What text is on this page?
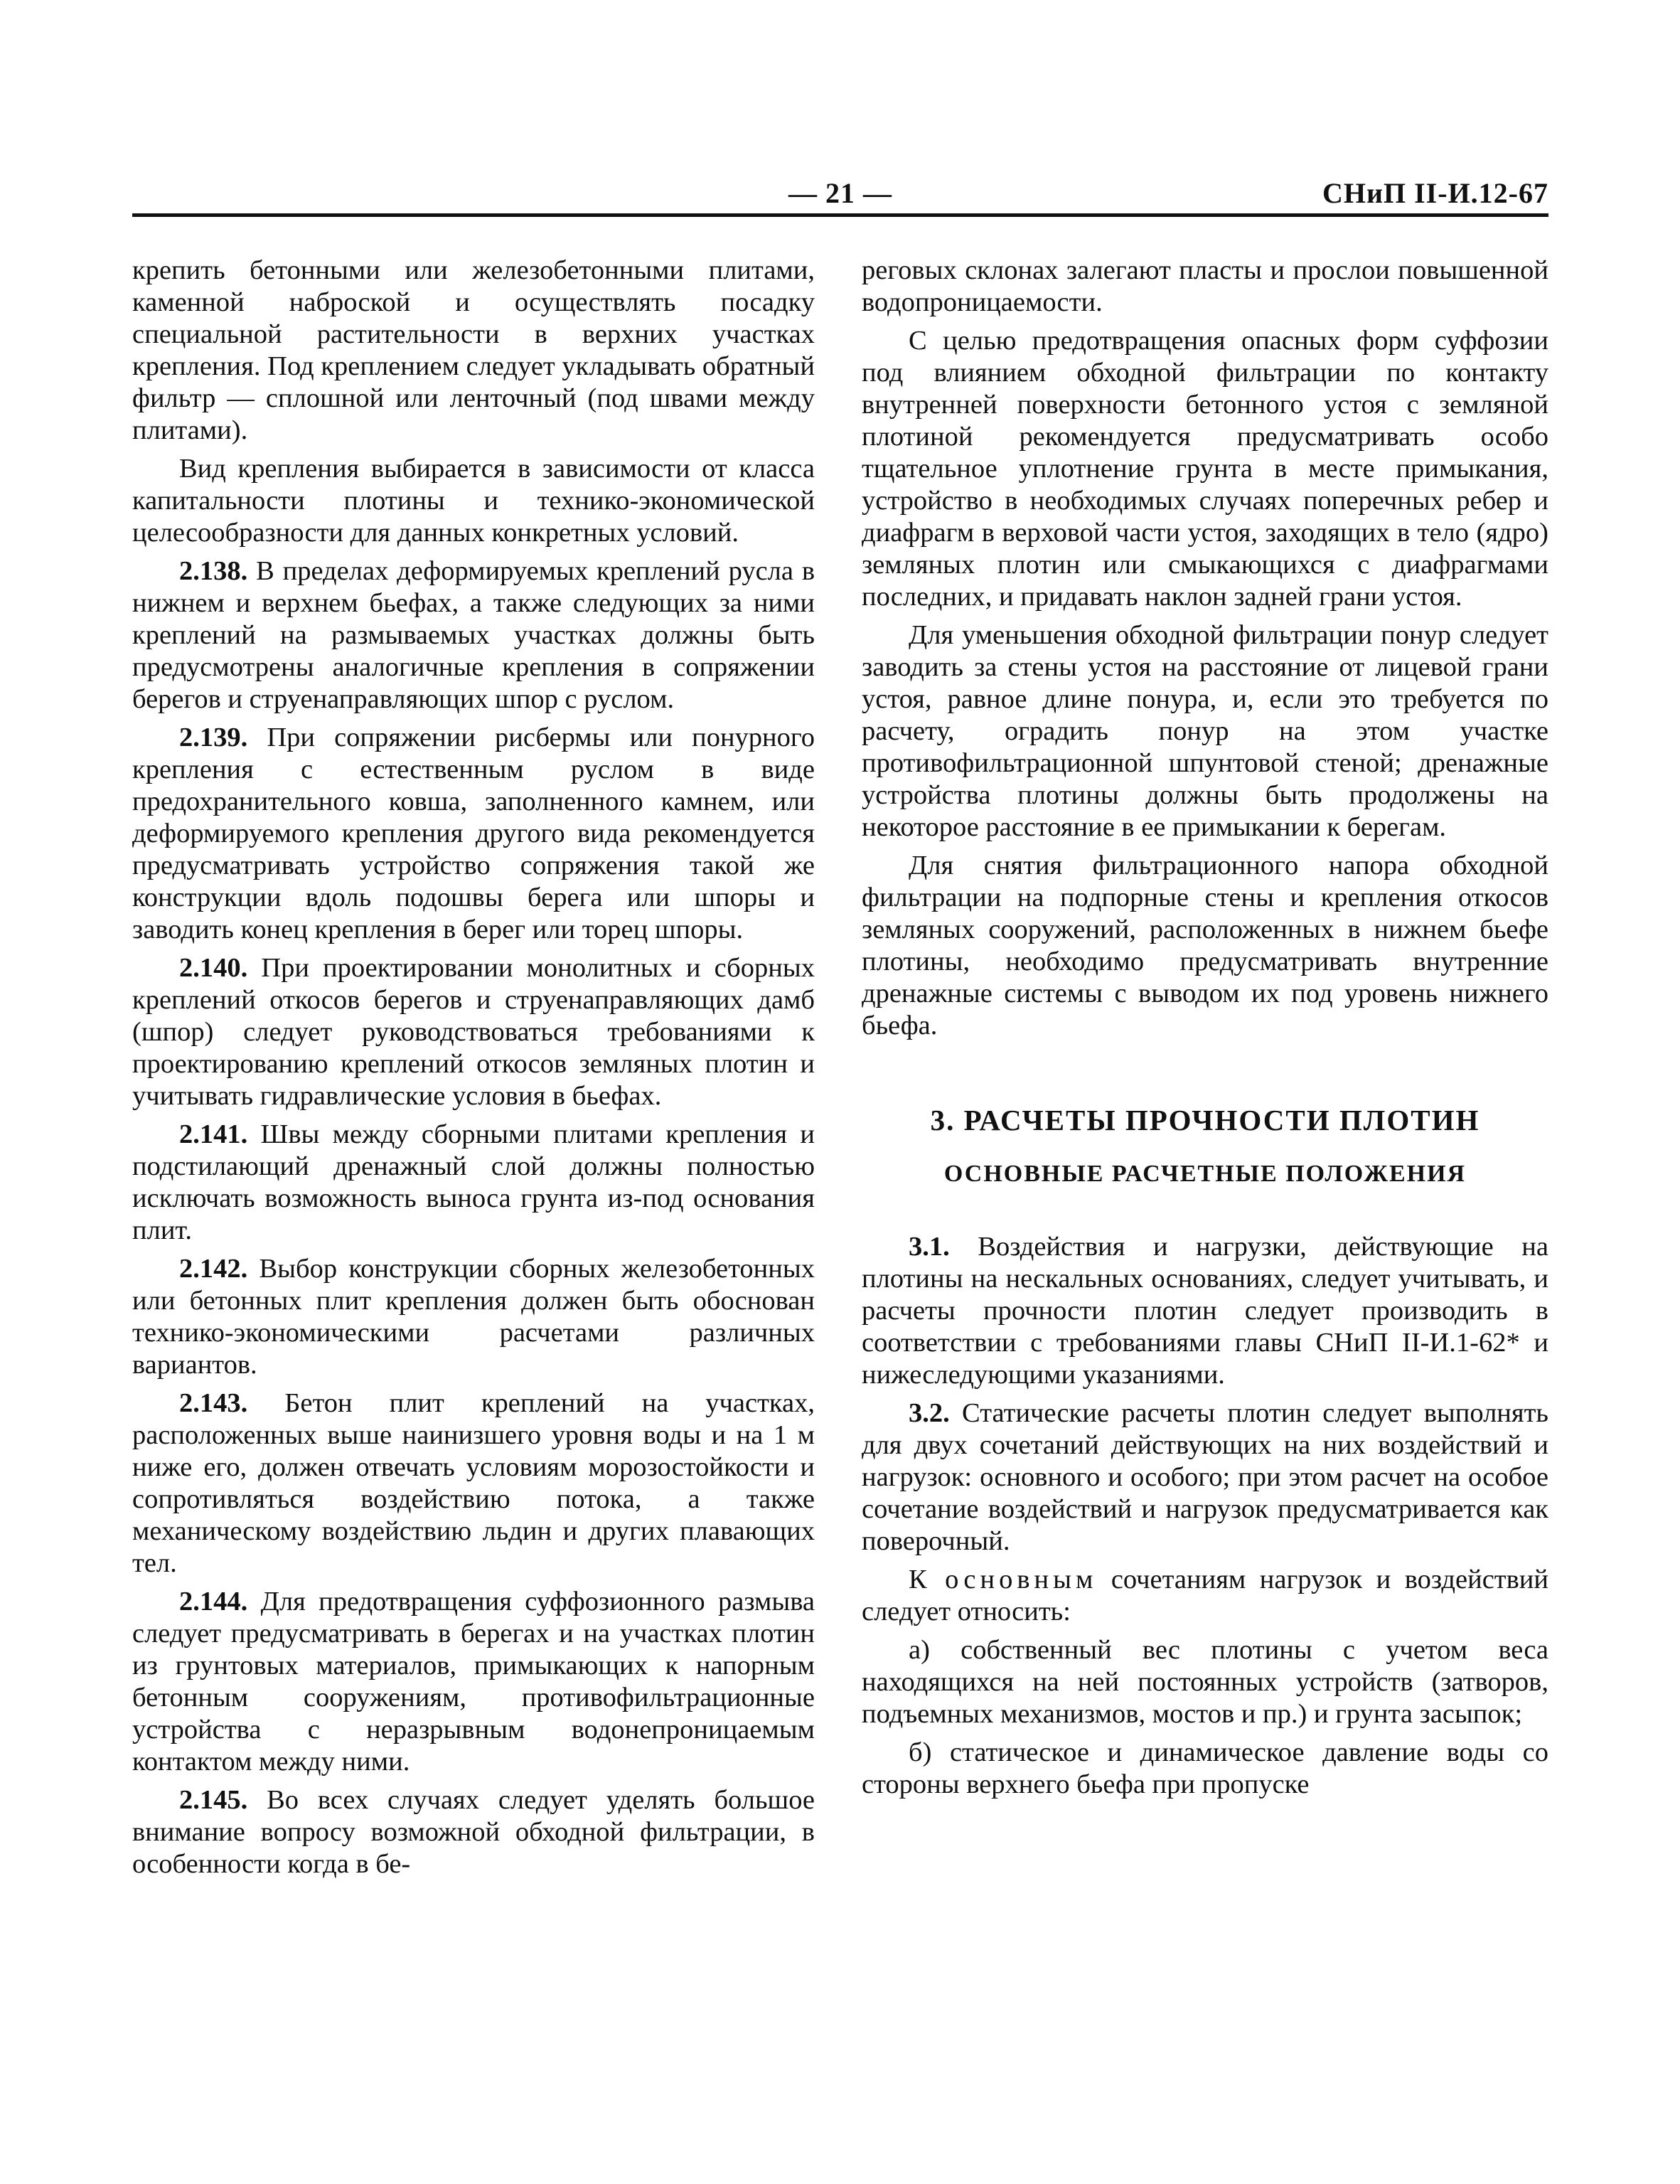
— 21 —	СНиП II-И.12-67

крепить бетонными или железобетонными плитами, каменной наброской и осуществлять посадку специальной растительности в верхних участках крепления. Под креплением следует укладывать обратный фильтр — сплошной или ленточный (под швами между плитами).

Вид крепления выбирается в зависимости от класса капитальности плотины и технико-экономической целесообразности для данных конкретных условий.

2.138. В пределах деформируемых креплений русла в нижнем и верхнем бьефах, а также следующих за ними креплений на размываемых участках должны быть предусмотрены аналогичные крепления в сопряжении берегов и струенаправляющих шпор с руслом.

2.139. При сопряжении рисбермы или понурного крепления с естественным руслом в виде предохранительного ковша, заполненного камнем, или деформируемого крепления другого вида рекомендуется предусматривать устройство сопряжения такой же конструкции вдоль подошвы берега или шпоры и заводить конец крепления в берег или торец шпоры.

2.140. При проектировании монолитных и сборных креплений откосов берегов и струенаправляющих дамб (шпор) следует руководствоваться требованиями к проектированию креплений откосов земляных плотин и учитывать гидравлические условия в бьефах.

2.141. Швы между сборными плитами крепления и подстилающий дренажный слой должны полностью исключать возможность выноса грунта из-под основания плит.

2.142. Выбор конструкции сборных железобетонных или бетонных плит крепления должен быть обоснован технико-экономическими расчетами различных вариантов.

2.143. Бетон плит креплений на участках, расположенных выше наинизшего уровня воды и на 1 м ниже его, должен отвечать условиям морозостойкости и сопротивляться воздействию потока, а также механическому воздействию льдин и других плавающих тел.

2.144. Для предотвращения суффозионного размыва следует предусматривать в берегах и на участках плотин из грунтовых материалов, примыкающих к напорным бетонным сооружениям, противофильтрационные устройства с неразрывным водонепроницаемым контактом между ними.

2.145. Во всех случаях следует уделять большое внимание вопросу возможной обходной фильтрации, в особенности когда в бе-

реговых склонах залегают пласты и прослои повышенной водопроницаемости.

С целью предотвращения опасных форм суффозии под влиянием обходной фильтрации по контакту внутренней поверхности бетонного устоя с земляной плотиной рекомендуется предусматривать особо тщательное уплотнение грунта в месте примыкания, устройство в необходимых случаях поперечных ребер и диафрагм в верховой части устоя, заходящих в тело (ядро) земляных плотин или смыкающихся с диафрагмами последних, и придавать наклон задней грани устоя.

Для уменьшения обходной фильтрации понур следует заводить за стены устоя на расстояние от лицевой грани устоя, равное длине понура, и, если это требуется по расчету, оградить понур на этом участке противофильтрационной шпунтовой стеной; дренажные устройства плотины должны быть продолжены на некоторое расстояние в ее примыкании к берегам.

Для снятия фильтрационного напора обходной фильтрации на подпорные стены и крепления откосов земляных сооружений, расположенных в нижнем бьефе плотины, необходимо предусматривать внутренние дренажные системы с выводом их под уровень нижнего бьефа.

3. РАСЧЕТЫ ПРОЧНОСТИ ПЛОТИН
ОСНОВНЫЕ РАСЧЕТНЫЕ ПОЛОЖЕНИЯ

3.1. Воздействия и нагрузки, действующие на плотины на нескальных основаниях, следует учитывать, и расчеты прочности плотин следует производить в соответствии с требованиями главы СНиП II-И.1-62* и нижеследующими указаниями.

3.2. Статические расчеты плотин следует выполнять для двух сочетаний действующих на них воздействий и нагрузок: основного и особого; при этом расчет на особое сочетание воздействий и нагрузок предусматривается как поверочный.

К основным сочетаниям нагрузок и воздействий следует относить:

а) собственный вес плотины с учетом веса находящихся на ней постоянных устройств (затворов, подъемных механизмов, мостов и пр.) и грунта засыпок;

б) статическое и динамическое давление воды со стороны верхнего бьефа при пропуске
